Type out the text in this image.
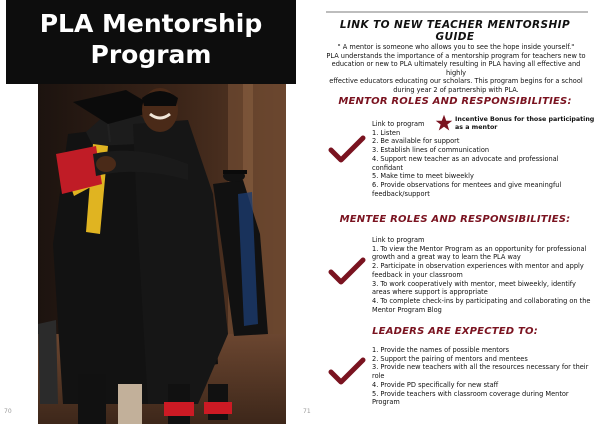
PLA Mentorship
Program
70
LINK TO NEW TEACHER MENTORSHIP GUIDE
" A mentor is someone who allows you to see the hope inside yourself."
PLA understands the importance of a mentorship program for teachers new to
education or new to PLA ultimately resulting in PLA having all effective and highly
effective educators educating our scholars. This program begins for a school
during year 2 of partnership with PLA.
MENTOR ROLES AND RESPONSIBILITIES:
Incentive Bonus for those participating
as a mentor
Link to program
1. Listen
2. Be available for support
3. Establish lines of communication
4. Support new teacher as an advocate and professional
confidant
5. Make time to meet biweekly
6. Provide observations for mentees and give meaningful
feedback/support
MENTEE ROLES AND RESPONSIBILITIES:
Link to program
1. To view the Mentor Program as an opportunity for professional
growth and a great way to learn the PLA way
2. Participate in observation experiences with mentor and apply
feedback in your classroom
3. To work cooperatively with mentor, meet biweekly, identify
areas where support is appropriate
4. To complete check-ins by participating and collaborating on the
Mentor Program Blog
LEADERS ARE EXPECTED TO:
1. Provide the names of possible mentors
2. Support the pairing of mentors and mentees
3. Provide new teachers with all the resources necessary for their
role
4. Provide PD specifically for new staff
5. Provide teachers with classroom coverage during Mentor
Program
71
